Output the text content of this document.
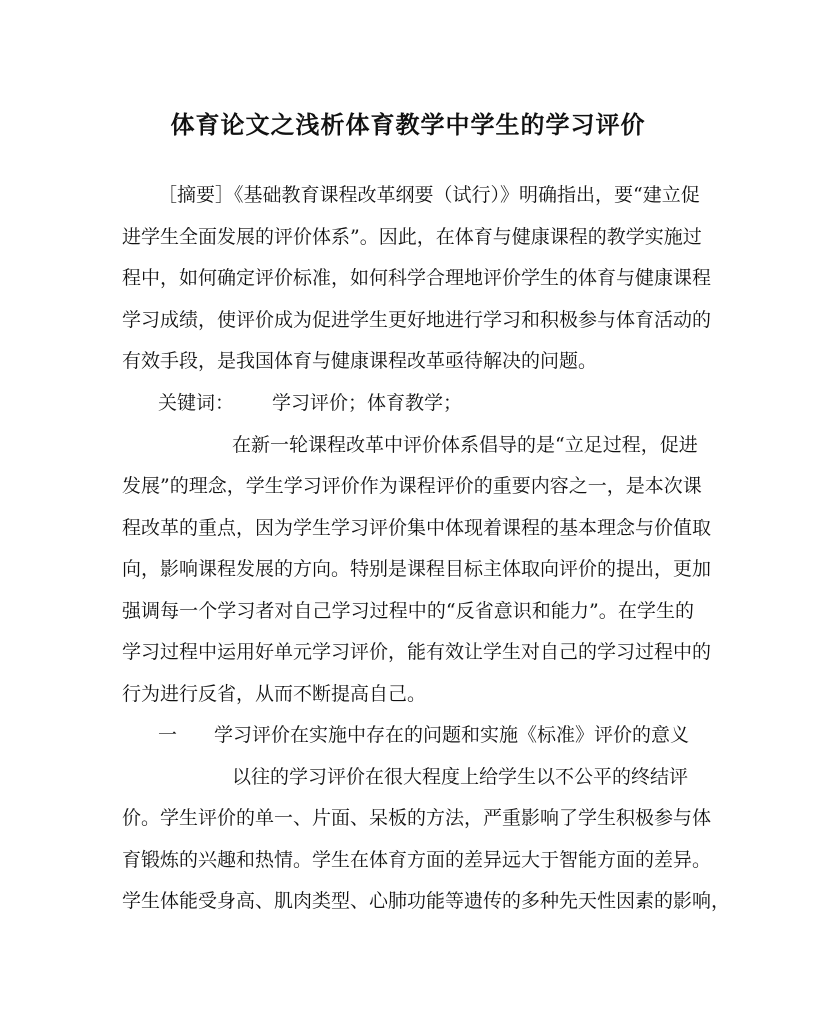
体育论文之浅析体育教学中学生的学习评价

［摘要］《基础教育课程改革纲要（试行）》明确指出，要“建立促

进学生全面发展的评价体系”。因此，在体育与健康课程的教学实施过

程中，如何确定评价标准，如何科学合理地评价学生的体育与健康课程

学习成绩，使评价成为促进学生更好地进行学习和积极参与体育活动的

有效手段，是我国体育与健康课程改革亟待解决的问题。

关键词： 学习评价；体育教学；

在新一轮课程改革中评价体系倡导的是“立足过程，促进

发展”的理念，学生学习评价作为课程评价的重要内容之一，是本次课

程改革的重点，因为学生学习评价集中体现着课程的基本理念与价值取

向，影响课程发展的方向。特别是课程目标主体取向评价的提出，更加

强调每一个学习者对自己学习过程中的“反省意识和能力”。在学生的

学习过程中运用好单元学习评价，能有效让学生对自己的学习过程中的

行为进行反省，从而不断提高自己。

一 学习评价在实施中存在的问题和实施《标准》评价的意义

以往的学习评价在很大程度上给学生以不公平的终结评

价。学生评价的单一、片面、呆板的方法，严重影响了学生积极参与体

育锻炼的兴趣和热情。学生在体育方面的差异远大于智能方面的差异。

学生体能受身高、肌肉类型、心肺功能等遗传的多种先天性因素的影响，
